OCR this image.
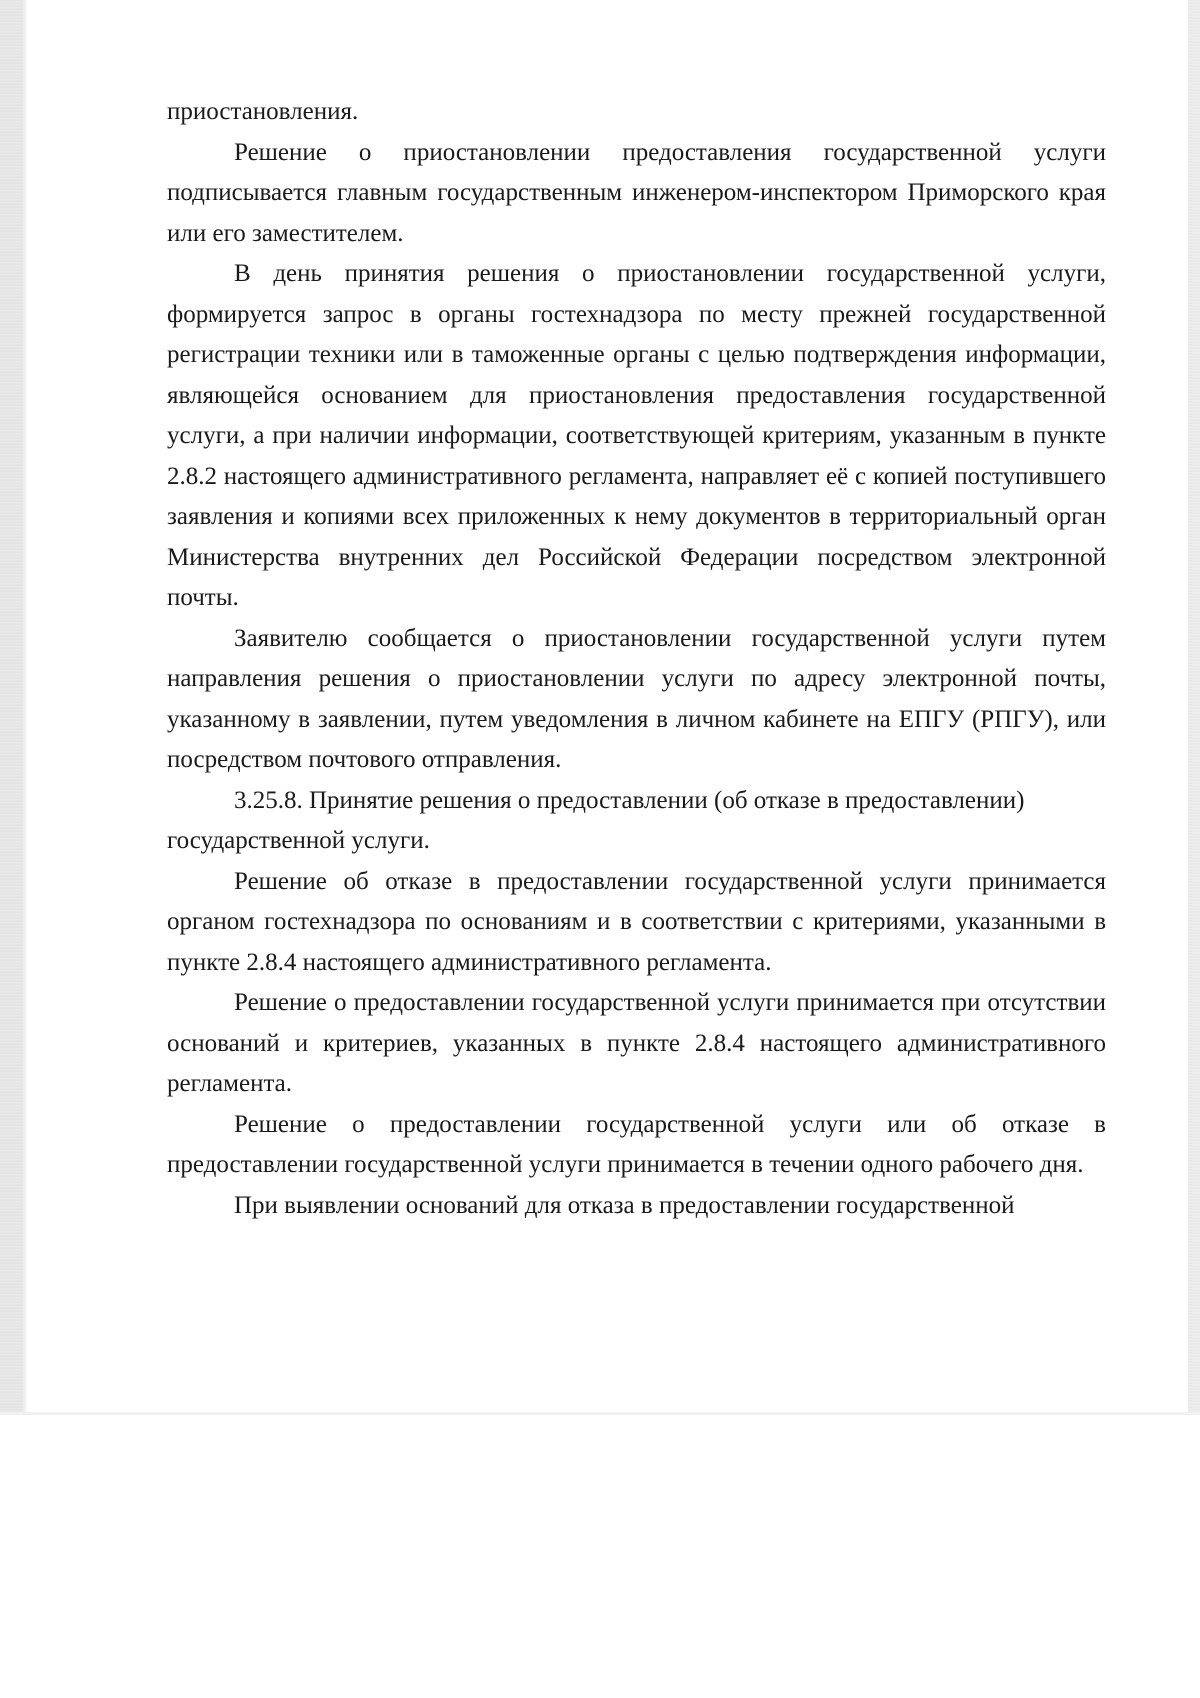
приостановления.

Решение о приостановлении предоставления государственной услуги подписывается главным государственным инженером-инспектором Приморского края или его заместителем.

В день принятия решения о приостановлении государственной услуги, формируется запрос в органы гостехнадзора по месту прежней государственной регистрации техники или в таможенные органы с целью подтверждения информации, являющейся основанием для приостановления предоставления государственной услуги, а при наличии информации, соответствующей критериям, указанным в пункте 2.8.2 настоящего административного регламента, направляет её с копией поступившего заявления и копиями всех приложенных к нему документов в территориальный орган Министерства внутренних дел Российской Федерации посредством электронной почты.

Заявителю сообщается о приостановлении государственной услуги путем направления решения о приостановлении услуги по адресу электронной почты, указанному в заявлении, путем уведомления в личном кабинете на ЕПГУ (РПГУ), или посредством почтового отправления.

3.25.8. Принятие решения о предоставлении (об отказе в предоставлении) государственной услуги.

Решение об отказе в предоставлении государственной услуги принимается органом гостехнадзора по основаниям и в соответствии с критериями, указанными в пункте 2.8.4 настоящего административного регламента.

Решение о предоставлении государственной услуги принимается при отсутствии оснований и критериев, указанных в пункте 2.8.4 настоящего административного регламента.

Решение о предоставлении государственной услуги или об отказе в предоставлении государственной услуги принимается в течении одного рабочего дня.

При выявлении оснований для отказа в предоставлении государственной
